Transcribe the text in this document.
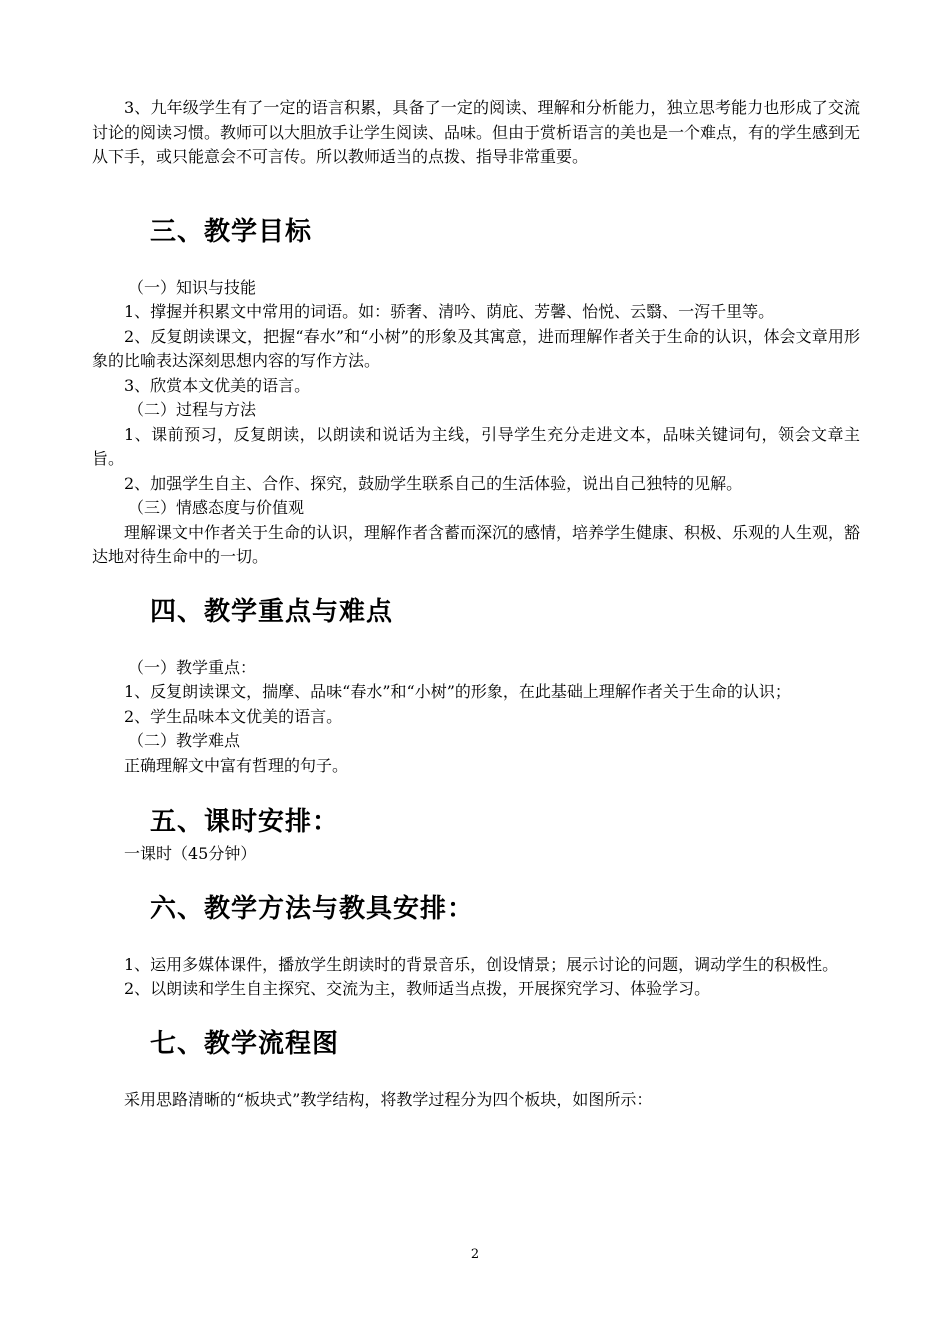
3、九年级学生有了一定的语言积累，具备了一定的阅读、理解和分析能力，独立思考能力也形成了交流讨论的阅读习惯。教师可以大胆放手让学生阅读、品味。但由于赏析语言的美也是一个难点，有的学生感到无从下手，或只能意会不可言传。所以教师适当的点拨、指导非常重要。

三、教学目标

（一）知识与技能

1、撑握并积累文中常用的词语。如：骄奢、清吟、荫庇、芳馨、怡悦、云翳、一泻千里等。

2、反复朗读课文，把握“春水”和“小树”的形象及其寓意，进而理解作者关于生命的认识，体会文章用形象的比喻表达深刻思想内容的写作方法。

3、欣赏本文优美的语言。

（二）过程与方法

1、课前预习，反复朗读，以朗读和说话为主线，引导学生充分走进文本，品味关键词句，领会文章主旨。

2、加强学生自主、合作、探究，鼓励学生联系自己的生活体验，说出自己独特的见解。

（三）情感态度与价值观

理解课文中作者关于生命的认识，理解作者含蓄而深沉的感情，培养学生健康、积极、乐观的人生观，豁达地对待生命中的一切。

四、教学重点与难点

（一）教学重点：

1、反复朗读课文，揣摩、品味“春水”和“小树”的形象，在此基础上理解作者关于生命的认识；

2、学生品味本文优美的语言。

（二）教学难点

正确理解文中富有哲理的句子。

五、课时安排：

一课时（45分钟）

六、教学方法与教具安排：

1、运用多媒体课件，播放学生朗读时的背景音乐，创设情景；展示讨论的问题，调动学生的积极性。

2、以朗读和学生自主探究、交流为主，教师适当点拨，开展探究学习、体验学习。

七、教学流程图

采用思路清晰的“板块式”教学结构，将教学过程分为四个板块，如图所示：

2
